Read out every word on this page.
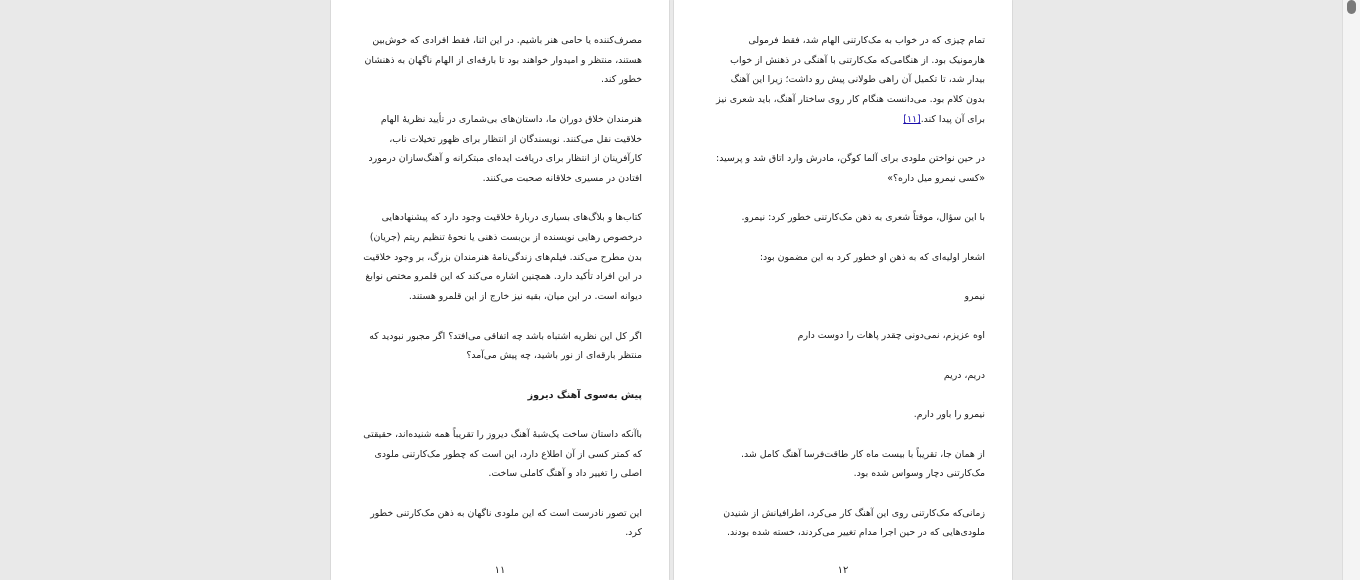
مصرف‌کننده یا حامی هنر باشیم. در این اثنا، فقط افرادی که خوش‌بین هستند، منتظر و امیدوار خواهند بود تا بارقه‌ای از الهام ناگهان به ذهنشان خطور کند.

هنرمندان خلاق دوران ما، داستان‌های بی‌شماری در تأیید نظریهٔ الهام خلاقیت نقل می‌کنند. نویسندگان از انتظار برای ظهور تخیلات ناب، کارآفرینان از انتظار برای دریافت ایده‌ای مبتکرانه و آهنگ‌سازان درمورد افتادن در مسیری خلاقانه صحبت می‌کنند.

کتاب‌ها و بلاگ‌های بسیاری دربارهٔ خلاقیت وجود دارد که پیشنهادهایی درخصوص رهایی نویسنده از بن‌بست ذهنی یا نحوهٔ تنظیم ریتم (جریان) بدن مطرح می‌کند. فیلم‌های زندگی‌نامهٔ هنرمندان بزرگ، بر وجود خلاقیت در این افراد تأکید دارد. همچنین اشاره می‌کند که این قلمرو مختص نوابغ دیوانه است. در این میان، بقیه نیز خارج از این قلمرو هستند.

اگر کل این نظریه اشتباه باشد چه اتفاقی می‌افتد؟ اگر مجبور نبودید که منتظر بارقه‌ای از نور باشید، چه پیش می‌آمد؟

پیش به‌سوی آهنگ دیروز

باآنکه داستان ساخت یک‌شبهٔ آهنگ دیروز را تقریباً همه شنیده‌اند، حقیقتی که کمتر کسی از آن اطلاع دارد، این است که چطور مک‌کارتنی ملودی اصلی را تغییر داد و آهنگ کاملی ساخت.

این تصور نادرست است که این ملودی ناگهان به ذهن مک‌کارتنی خطور کرد.

۱۱

تمام چیزی که در خواب به مک‌کارتنی الهام شد، فقط فرمولی هارمونیک بود. از هنگامی‌که مک‌کارتنی با آهنگی در ذهنش از خواب بیدار شد، تا تکمیل آن راهی طولانی پیش رو داشت؛ زیرا این آهنگ بدون کلام بود. می‌دانست هنگام کار روی ساختار آهنگ، باید شعری نیز برای آن پیدا کند.[۱۱]

در حین نواختن ملودی برای آلما کوگن، مادرش وارد اتاق شد و پرسید: «کسی نیمرو میل داره؟»

با این سؤال، موقتاً شعری به ذهن مک‌کارتنی خطور کرد: نیمرو.

اشعار اولیه‌ای که به ذهن او خطور کرد به این مضمون بود:

نیمرو

اوه عزیزم، نمی‌دونی چقدر پاهات را دوست دارم

دریم، دریم

نیمرو را باور دارم.

از همان جا، تقریباً با بیست ماه کار طاقت‌فرسا آهنگ کامل شد. مک‌کارتنی دچار وسواس شده بود.

زمانی‌که مک‌کارتنی روی این آهنگ کار می‌کرد، اطرافیانش از شنیدن ملودی‌هایی که در حین اجرا مدام تغییر می‌کردند، خسته شده بودند.

۱۲
